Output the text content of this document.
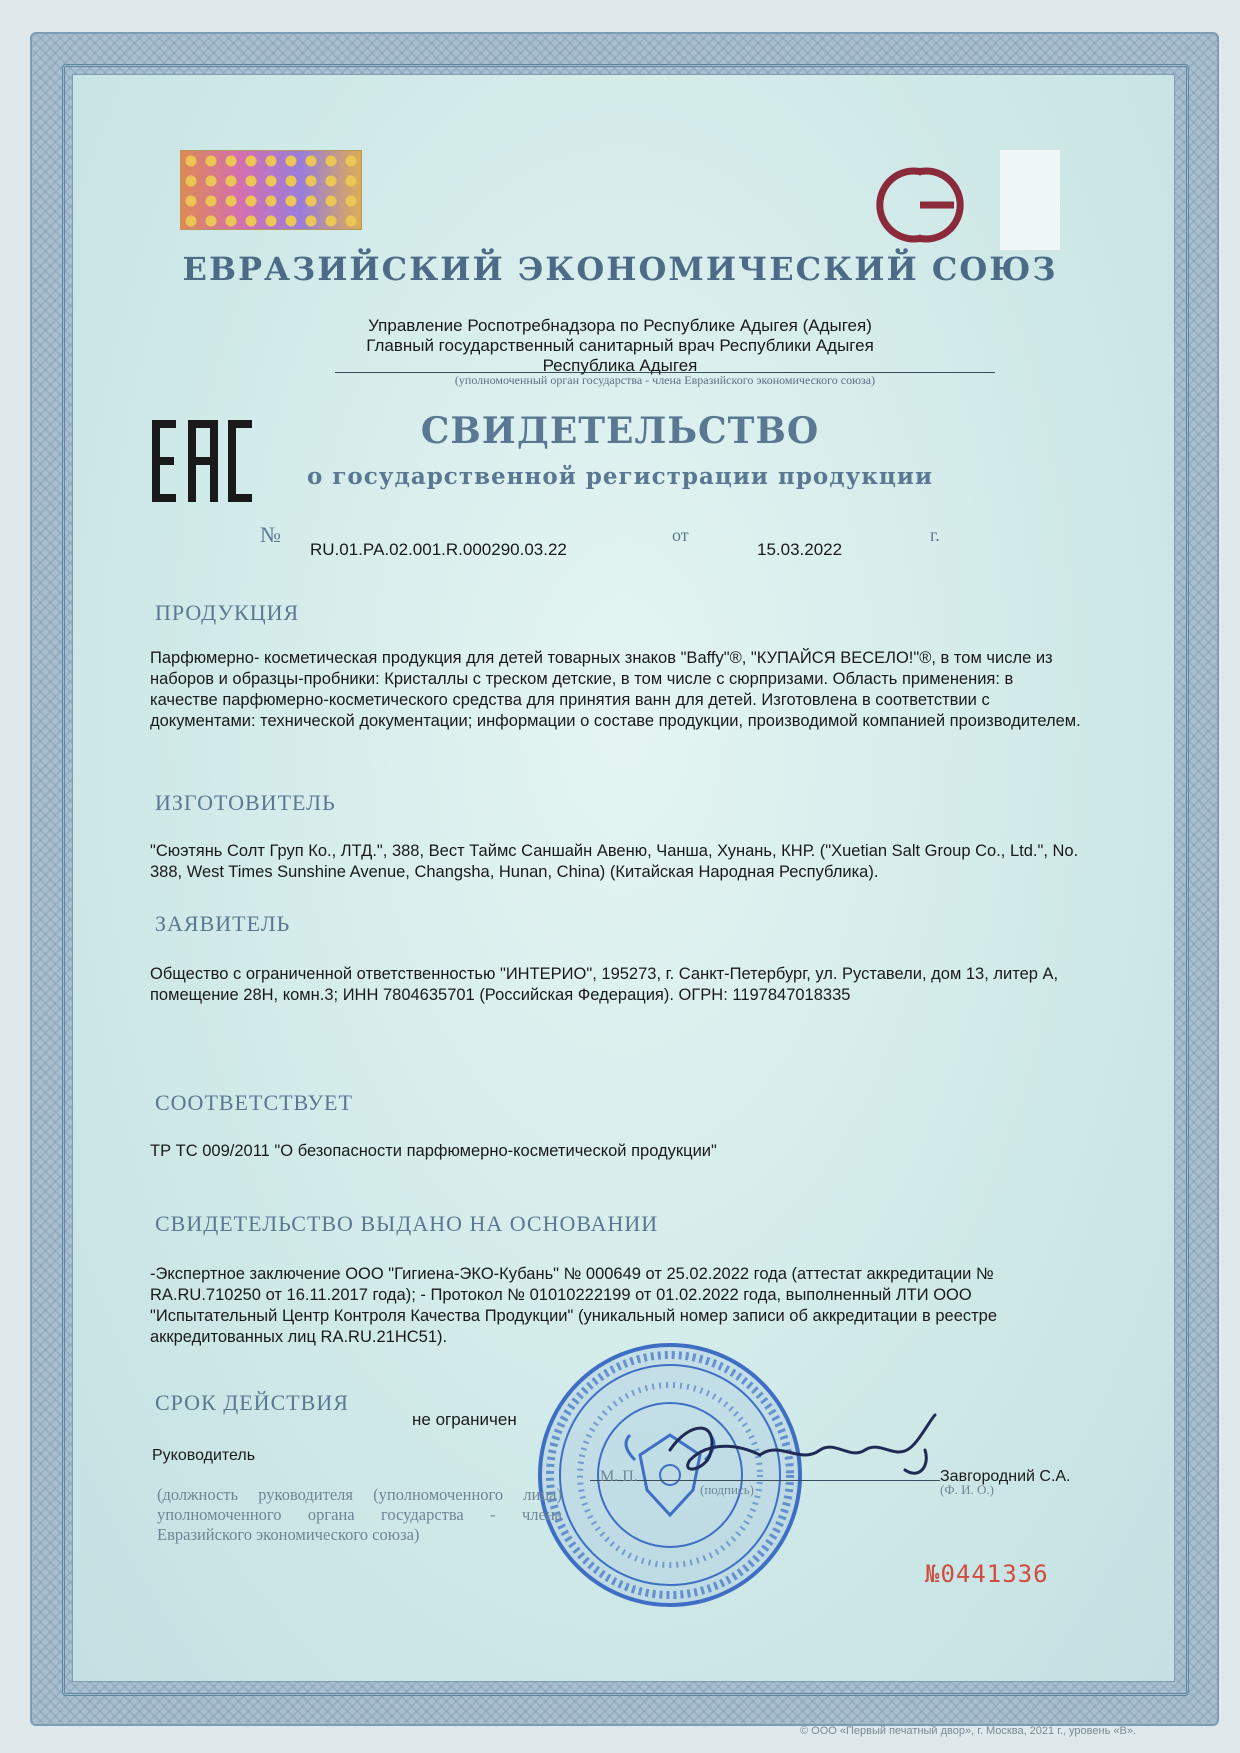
ЕВРАЗИЙСКИЙ ЭКОНОМИЧЕСКИЙ СОЮЗ
Управление Роспотребнадзора по Республике Адыгея (Адыгея)
Главный государственный санитарный врач Республики Адыгея
Республика Адыгея
(уполномоченный орган государства - члена Евразийского экономического союза)
СВИДЕТЕЛЬСТВО
о государственной регистрации продукции
№
RU.01.РА.02.001.R.000290.03.22
от
15.03.2022
г.
ПРОДУКЦИЯ

Парфюмерно- косметическая продукция для детей товарных знаков "Baffy"®, "КУПАЙСЯ ВЕСЕЛО!"®, в том числе из наборов и образцы-пробники: Кристаллы с треском детские, в том числе с сюрпризами. Область применения: в качестве парфюмерно-косметического средства для принятия ванн для детей. Изготовлена в соответствии с документами: технической документации; информации о составе продукции, производимой компанией производителем.

ИЗГОТОВИТЕЛЬ

"Сюэтянь Солт Груп Ко., ЛТД.", 388, Вест Таймс Саншайн Авеню, Чанша, Хунань, КНР. ("Xuetian Salt Group Co., Ltd.", No. 388, West Times Sunshine Avenue, Changsha, Hunan, China) (Китайская Народная Республика).

ЗАЯВИТЕЛЬ

Общество с ограниченной ответственностью "ИНТЕРИО", 195273, г. Санкт-Петербург, ул. Руставели, дом 13, литер А, помещение 28Н, комн.3; ИНН 7804635701 (Российская Федерация). ОГРН: 1197847018335

СООТВЕТСТВУЕТ

ТР ТС 009/2011 "О безопасности парфюмерно-косметической продукции"

СВИДЕТЕЛЬСТВО ВЫДАНО НА ОСНОВАНИИ

-Экспертное заключение ООО "Гигиена-ЭКО-Кубань" № 000649 от 25.02.2022 года (аттестат аккредитации № RA.RU.710250 от 16.11.2017 года); - Протокол № 01010222199 от 01.02.2022 года, выполненный ЛТИ ООО "Испытательный Центр Контроля Качества Продукции" (уникальный номер записи об аккредитации в реестре аккредитованных лиц RA.RU.21НС51).

СРОК ДЕЙСТВИЯ
не ограничен
Руководитель
М. П.
(подпись)
Завгородний С.А.
(Ф. И. О.)

(должность руководителя (уполномоченного лица) уполномоченного органа государства - члена Евразийского экономического союза)

№0441336
© ООО «Первый печатный двор», г. Москва, 2021 г., уровень «В».
